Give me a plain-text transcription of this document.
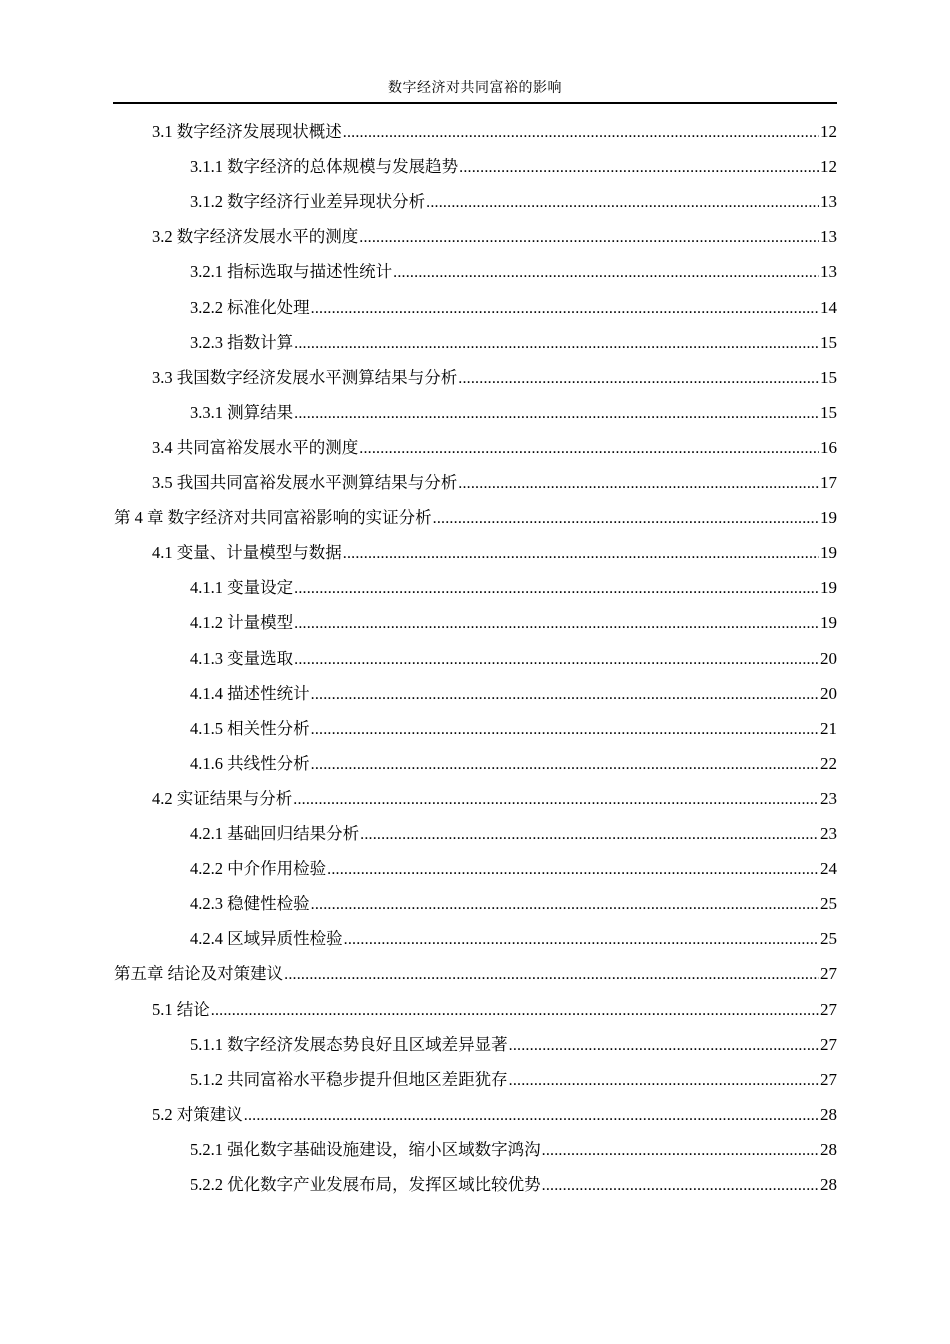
数字经济对共同富裕的影响
3.1 数字经济发展现状概述 .....	12
3.1.1 数字经济的总体规模与发展趋势 .....	12
3.1.2 数字经济行业差异现状分析 .....	13
3.2 数字经济发展水平的测度 .....	13
3.2.1 指标选取与描述性统计 .....	13
3.2.2 标准化处理 .....	14
3.2.3 指数计算 .....	15
3.3 我国数字经济发展水平测算结果与分析 .....	15
3.3.1 测算结果 .....	15
3.4 共同富裕发展水平的测度 .....	16
3.5 我国共同富裕发展水平测算结果与分析 .....	17
第 4 章 数字经济对共同富裕影响的实证分析 .....	19
4.1 变量、计量模型与数据 .....	19
4.1.1 变量设定 .....	19
4.1.2 计量模型 .....	19
4.1.3 变量选取 .....	20
4.1.4 描述性统计 .....	20
4.1.5 相关性分析 .....	21
4.1.6 共线性分析 .....	22
4.2 实证结果与分析 .....	23
4.2.1 基础回归结果分析 .....	23
4.2.2 中介作用检验 .....	24
4.2.3 稳健性检验 .....	25
4.2.4 区域异质性检验 .....	25
第五章 结论及对策建议 .....	27
5.1 结论 .....	27
5.1.1 数字经济发展态势良好且区域差异显著 .....	27
5.1.2 共同富裕水平稳步提升但地区差距犹存 .....	27
5.2 对策建议 .....	28
5.2.1 强化数字基础设施建设，缩小区域数字鸿沟 .....	28
5.2.2 优化数字产业发展布局，发挥区域比较优势 .....	28
